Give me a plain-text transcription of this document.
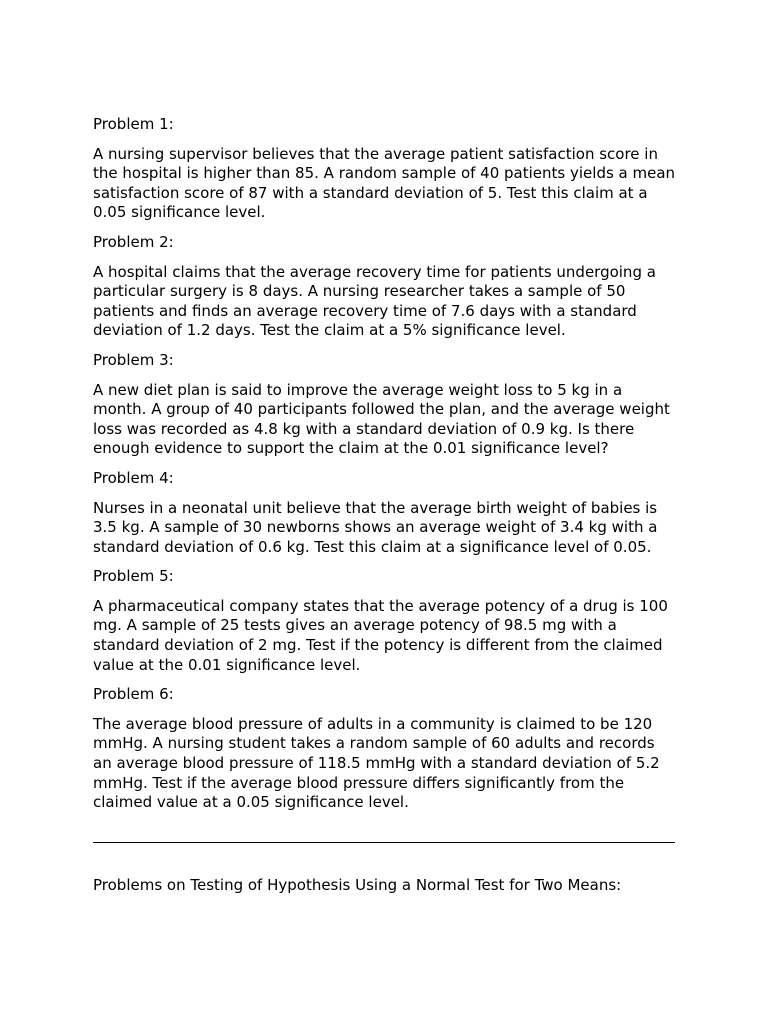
Problem 1:

A nursing supervisor believes that the average patient satisfaction score in the hospital is higher than 85. A random sample of 40 patients yields a mean satisfaction score of 87 with a standard deviation of 5. Test this claim at a 0.05 significance level.

Problem 2:

A hospital claims that the average recovery time for patients undergoing a particular surgery is 8 days. A nursing researcher takes a sample of 50 patients and finds an average recovery time of 7.6 days with a standard deviation of 1.2 days. Test the claim at a 5% significance level.

Problem 3:

A new diet plan is said to improve the average weight loss to 5 kg in a month. A group of 40 participants followed the plan, and the average weight loss was recorded as 4.8 kg with a standard deviation of 0.9 kg. Is there enough evidence to support the claim at the 0.01 significance level?

Problem 4:

Nurses in a neonatal unit believe that the average birth weight of babies is 3.5 kg. A sample of 30 newborns shows an average weight of 3.4 kg with a standard deviation of 0.6 kg. Test this claim at a significance level of 0.05.

Problem 5:

A pharmaceutical company states that the average potency of a drug is 100 mg. A sample of 25 tests gives an average potency of 98.5 mg with a standard deviation of 2 mg. Test if the potency is different from the claimed value at the 0.01 significance level.

Problem 6:

The average blood pressure of adults in a community is claimed to be 120 mmHg. A nursing student takes a random sample of 60 adults and records an average blood pressure of 118.5 mmHg with a standard deviation of 5.2 mmHg. Test if the average blood pressure differs significantly from the claimed value at a 0.05 significance level.

Problems on Testing of Hypothesis Using a Normal Test for Two Means:
